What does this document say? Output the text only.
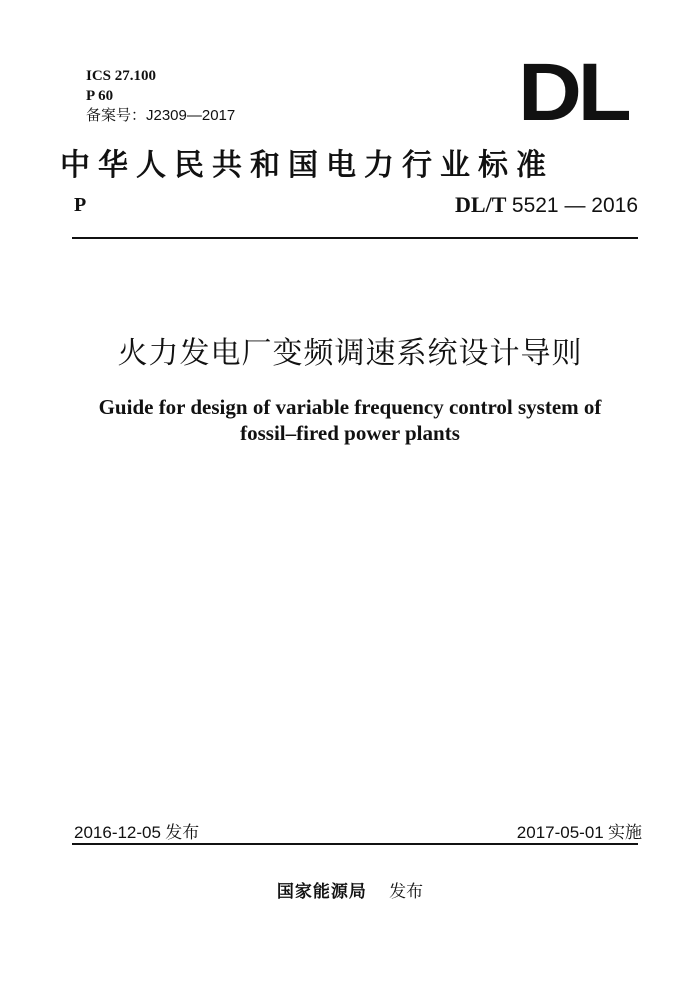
ICS 27.100
P 60
备案号：J2309—2017	DL
中华人民共和国电力行业标准
P	DL/T 5521 — 2016
火力发电厂变频调速系统设计导则
Guide for design of variable frequency control system of
fossil–fired power plants
2016-12-05 发布	2017-05-01 实施
国家能源局 发布
